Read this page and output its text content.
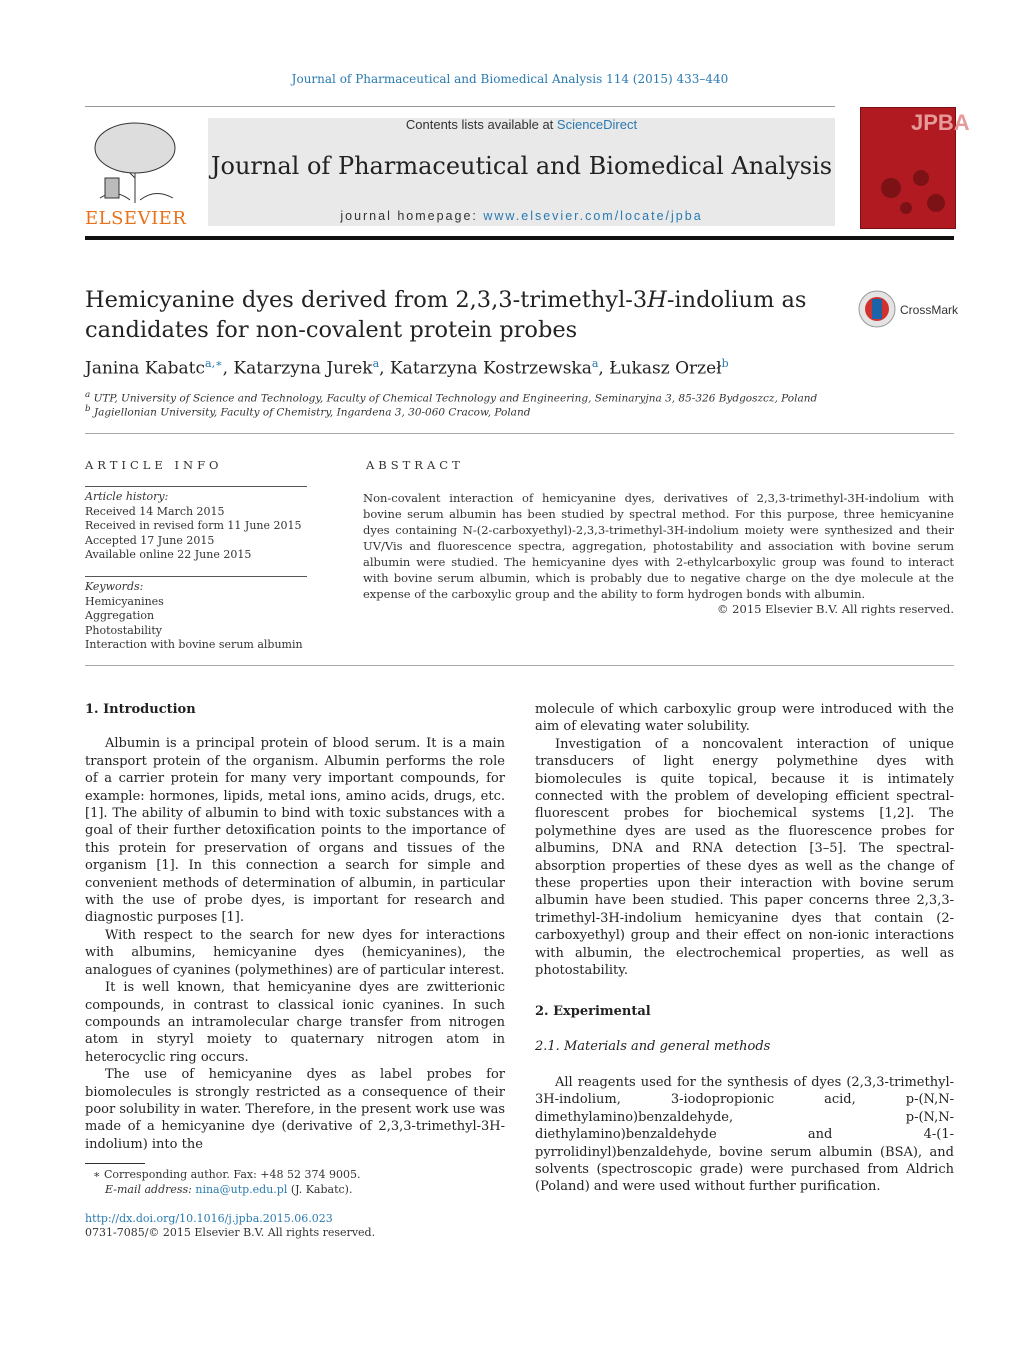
Journal of Pharmaceutical and Biomedical Analysis 114 (2015) 433–440
ELSEVIER
Contents lists available at ScienceDirect
Journal of Pharmaceutical and Biomedical Analysis
journal homepage: www.elsevier.com/locate/jpba
JPBA
Hemicyanine dyes derived from 2,3,3-trimethyl-3H-indolium as
candidates for non-covalent protein probes
CrossMark
Janina Kabatc$^{a,∗}$, Katarzyna Jurek$^a$, Katarzyna Kostrzewska$^a$, Łukasz Orzeł$^b$
$^a$ UTP, University of Science and Technology, Faculty of Chemical Technology and Engineering, Seminaryjna 3, 85-326 Bydgoszcz, Poland
$^b$ Jagiellonian University, Faculty of Chemistry, Ingardena 3, 30-060 Cracow, Poland
ARTICLE INFO
Article history:
Received 14 March 2015
Received in revised form 11 June 2015
Accepted 17 June 2015
Available online 22 June 2015
Keywords:
Hemicyanines
Aggregation
Photostability
Interaction with bovine serum albumin
ABSTRACT
Non-covalent interaction of hemicyanine dyes, derivatives of 2,3,3-trimethyl-3H-indolium with bovine serum albumin has been studied by spectral method. For this purpose, three hemicyanine dyes containing N-(2-carboxyethyl)-2,3,3-trimethyl-3H-indolium moiety were synthesized and their UV/Vis and fluorescence spectra, aggregation, photostability and association with bovine serum albumin were studied. The hemicyanine dyes with 2-ethylcarboxylic group was found to interact with bovine serum albumin, which is probably due to negative charge on the dye molecule at the expense of the carboxylic group and the ability to form hydrogen bonds with albumin.
© 2015 Elsevier B.V. All rights reserved.
1. Introduction

Albumin is a principal protein of blood serum. It is a main transport protein of the organism. Albumin performs the role of a carrier protein for many very important compounds, for example: hormones, lipids, metal ions, amino acids, drugs, etc. [1]. The ability of albumin to bind with toxic substances with a goal of their further detoxification points to the importance of this protein for preservation of organs and tissues of the organism [1]. In this connection a search for simple and convenient methods of determination of albumin, in particular with the use of probe dyes, is important for research and diagnostic purposes [1].

With respect to the search for new dyes for interactions with albumins, hemicyanine dyes (hemicyanines), the analogues of cyanines (polymethines) are of particular interest.

It is well known, that hemicyanine dyes are zwitterionic compounds, in contrast to classical ionic cyanines. In such compounds an intramolecular charge transfer from nitrogen atom in styryl moiety to quaternary nitrogen atom in heterocyclic ring occurs.

The use of hemicyanine dyes as label probes for biomolecules is strongly restricted as a consequence of their poor solubility in water. Therefore, in the present work use was made of a hemicyanine dye (derivative of 2,3,3-trimethyl-3H-indolium) into the

molecule of which carboxylic group were introduced with the aim of elevating water solubility.

Investigation of a noncovalent interaction of unique transducers of light energy polymethine dyes with biomolecules is quite topical, because it is intimately connected with the problem of developing efficient spectral-fluorescent probes for biochemical systems [1,2]. The polymethine dyes are used as the fluorescence probes for albumins, DNA and RNA detection [3–5]. The spectral-absorption properties of these dyes as well as the change of these properties upon their interaction with bovine serum albumin have been studied. This paper concerns three 2,3,3-trimethyl-3H-indolium hemicyanine dyes that contain (2-carboxyethyl) group and their effect on non-ionic interactions with albumin, the electrochemical properties, as well as photostability.

2. Experimental
2.1. Materials and general methods

All reagents used for the synthesis of dyes (2,3,3-trimethyl-3H-indolium, 3-iodopropionic acid, p-(N,N-dimethylamino)benzaldehyde, p-(N,N-diethylamino)benzaldehyde and 4-(1-pyrrolidinyl)benzaldehyde, bovine serum albumin (BSA), and solvents (spectroscopic grade) were purchased from Aldrich (Poland) and were used without further purification.

∗ Corresponding author. Fax: +48 52 374 9005.
E-mail address: nina@utp.edu.pl (J. Kabatc).
http://dx.doi.org/10.1016/j.jpba.2015.06.023
0731-7085/© 2015 Elsevier B.V. All rights reserved.
